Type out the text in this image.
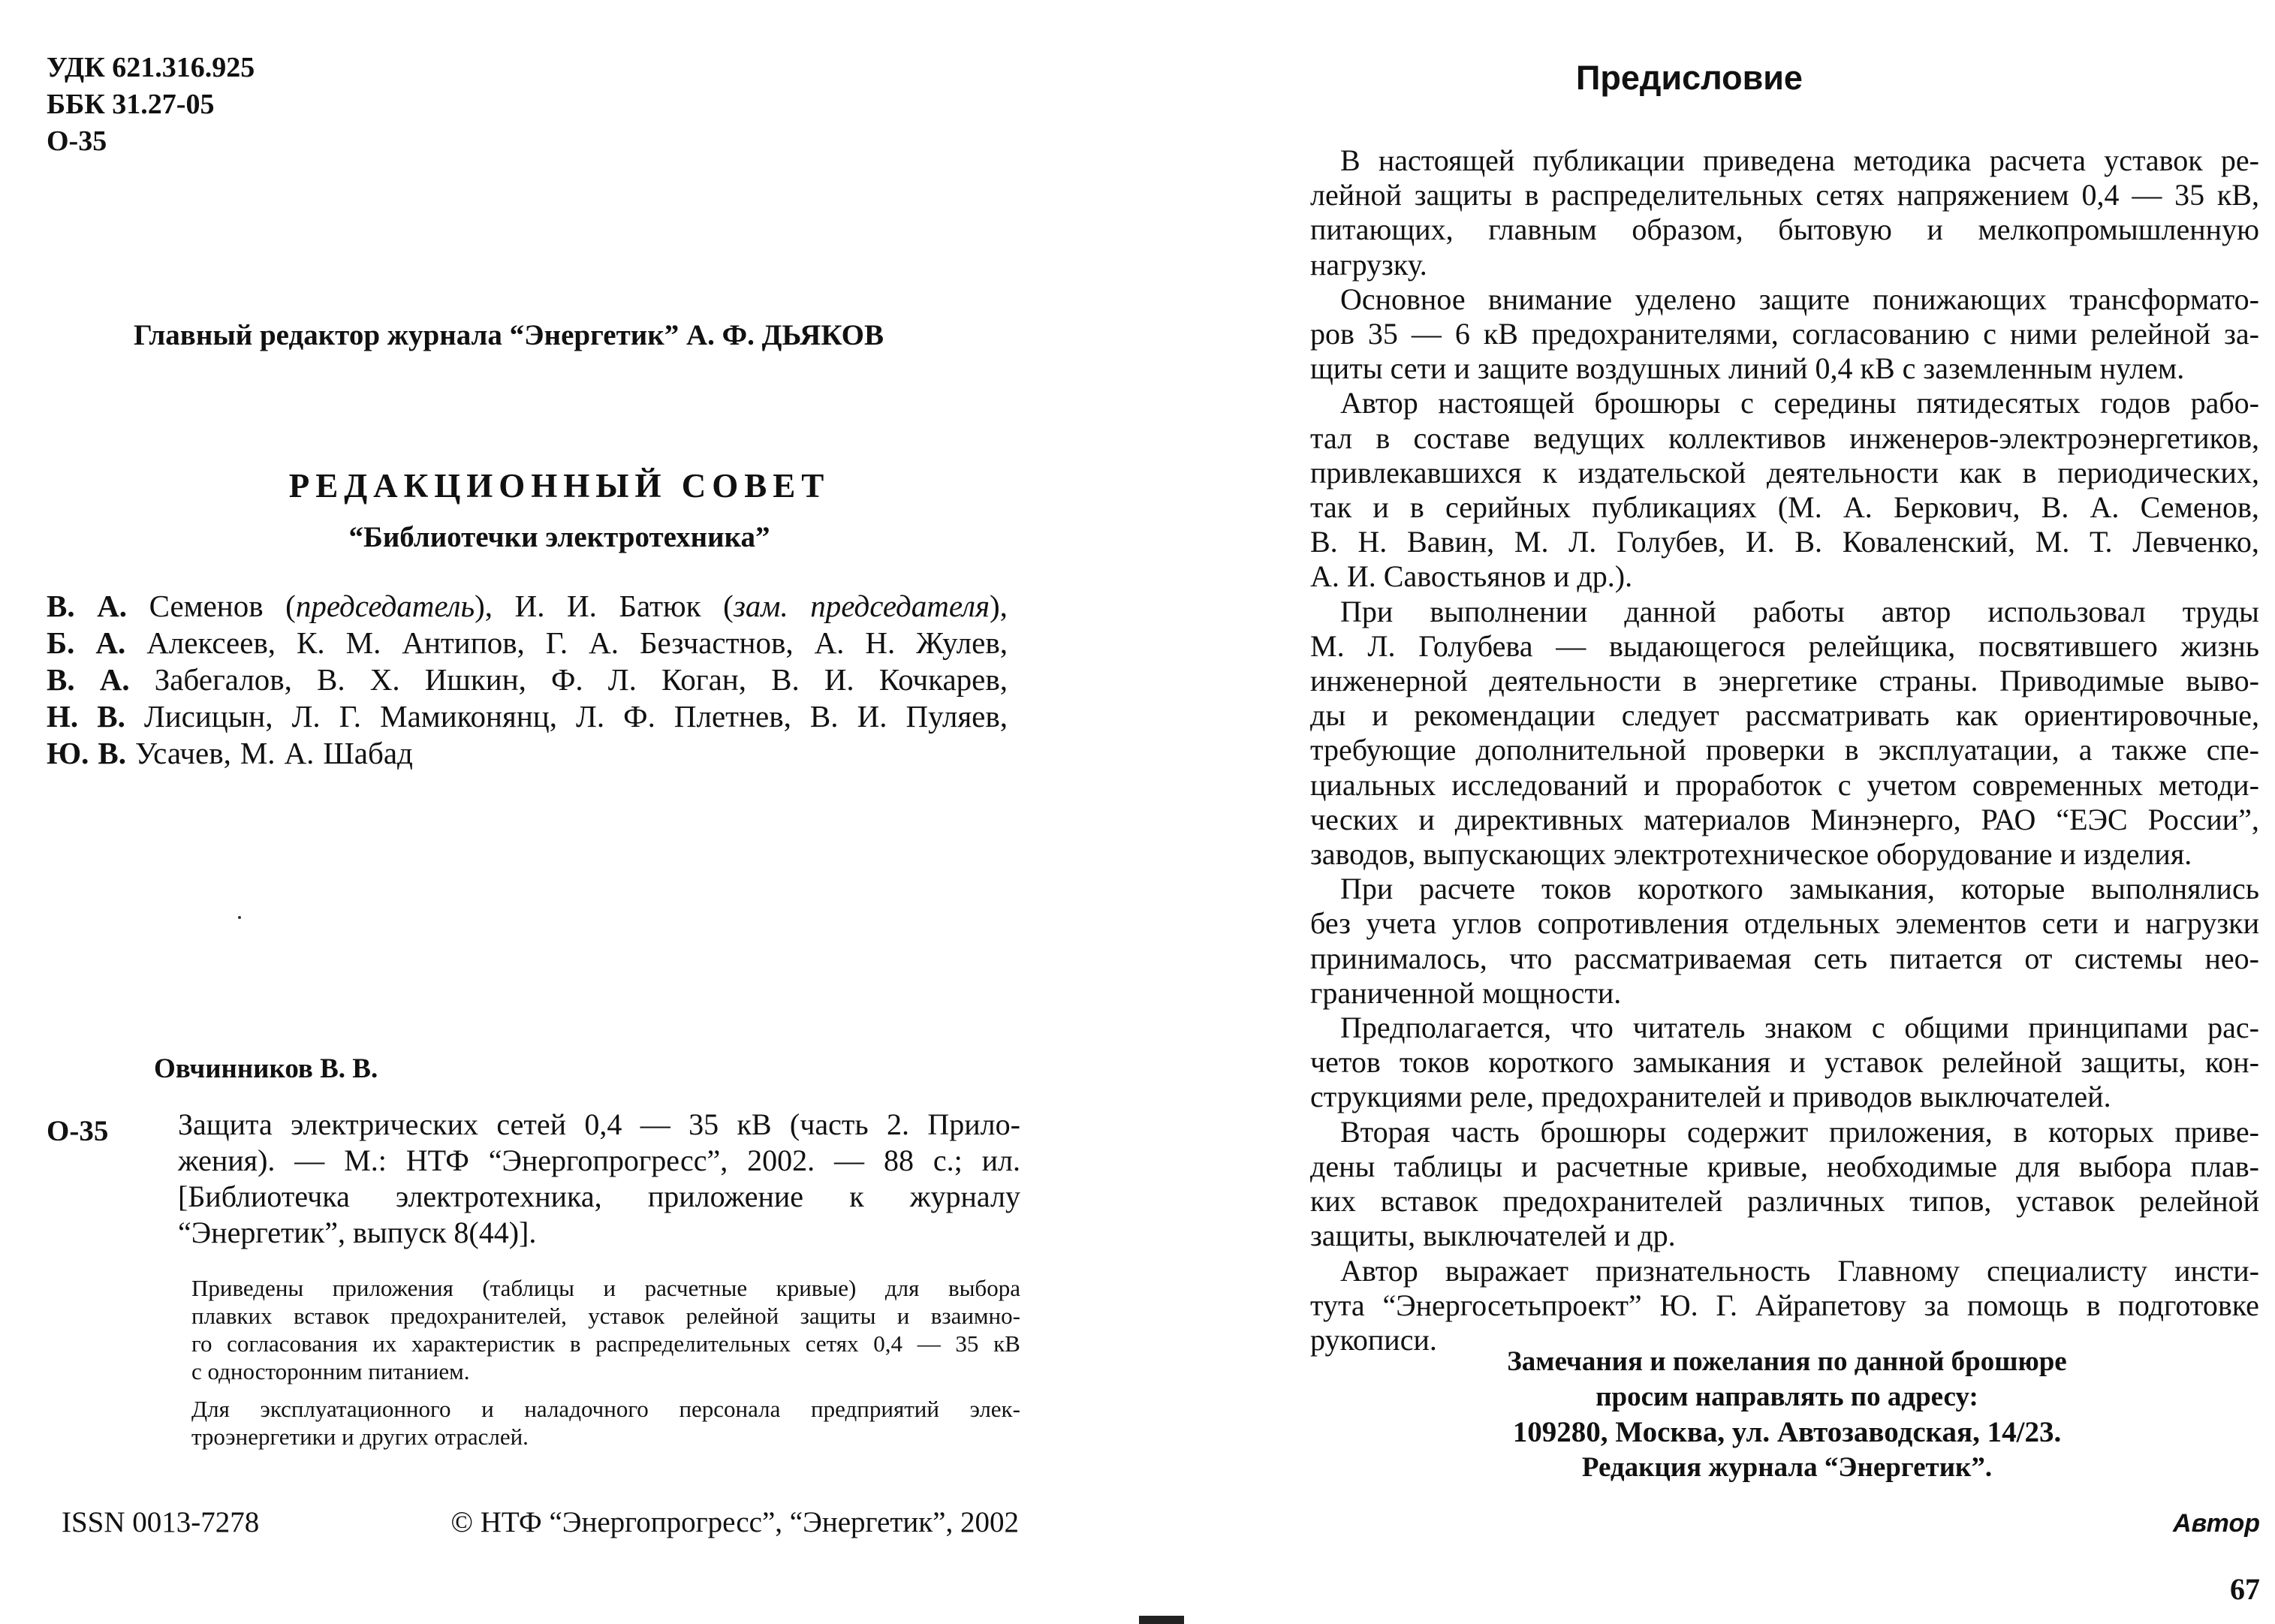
УДК 621.316.925
ББК 31.27-05
О-35
Главный редактор журнала “Энергетик” А. Ф. ДЬЯКОВ
РЕДАКЦИОННЫЙ СОВЕТ
“Библиотечки электротехника”
В. А. Семенов (председатель), И. И. Батюк (зам. председателя),
Б. А. Алексеев, К. М. Антипов, Г. А. Безчастнов, А. Н. Жулев,
В. А. Забегалов, В. Х. Ишкин, Ф. Л. Коган, В. И. Кочкарев,
Н. В. Лисицын, Л. Г. Мамиконянц, Л. Ф. Плетнев, В. И. Пуляев,
Ю. В. Усачев, М. А. Шабад
Овчинников В. В.
О-35 Защита электрических сетей 0,4 — 35 кВ (часть 2. Прило-
жения). — М.: НТФ “Энергопрогресс”, 2002. — 88 с.; ил.
[Библиотечка электротехника, приложение к журналу
“Энергетик”, выпуск 8(44)].
Приведены приложения (таблицы и расчетные кривые) для выбора
плавких вставок предохранителей, уставок релейной защиты и взаимно-
го согласования их характеристик в распределительных сетях 0,4 — 35 кВ
с односторонним питанием.
Для эксплуатационного и наладочного персонала предприятий элек-
троэнергетики и других отраслей.
ISSN 0013-7278	© НТФ “Энергопрогресс”, “Энергетик”, 2002
Предисловие
В настоящей публикации приведена методика расчета уставок ре-
лейной защиты в распределительных сетях напряжением 0,4 — 35 кВ,
питающих, главным образом, бытовую и мелкопромышленную
нагрузку.
Основное внимание уделено защите понижающих трансформато-
ров 35 — 6 кВ предохранителями, согласованию с ними релейной за-
щиты сети и защите воздушных линий 0,4 кВ с заземленным нулем.
Автор настоящей брошюры с середины пятидесятых годов рабо-
тал в составе ведущих коллективов инженеров-электроэнергетиков,
привлекавшихся к издательской деятельности как в периодических,
так и в серийных публикациях (М. А. Беркович, В. А. Семенов,
В. Н. Вавин, М. Л. Голубев, И. В. Коваленский, М. Т. Левченко,
А. И. Савостьянов и др.).
При выполнении данной работы автор использовал труды
М. Л. Голубева — выдающегося релейщика, посвятившего жизнь
инженерной деятельности в энергетике страны. Приводимые выво-
ды и рекомендации следует рассматривать как ориентировочные,
требующие дополнительной проверки в эксплуатации, а также спе-
циальных исследований и проработок с учетом современных методи-
ческих и директивных материалов Минэнерго, РАО “ЕЭС России”,
заводов, выпускающих электротехническое оборудование и изделия.
При расчете токов короткого замыкания, которые выполнялись
без учета углов сопротивления отдельных элементов сети и нагрузки
принималось, что рассматриваемая сеть питается от системы нео-
граниченной мощности.
Предполагается, что читатель знаком с общими принципами рас-
четов токов короткого замыкания и уставок релейной защиты, кон-
струкциями реле, предохранителей и приводов выключателей.
Вторая часть брошюры содержит приложения, в которых приве-
дены таблицы и расчетные кривые, необходимые для выбора плав-
ких вставок предохранителей различных типов, уставок релейной
защиты, выключателей и др.
Автор выражает признательность Главному специалисту инсти-
тута “Энергосетьпроект” Ю. Г. Айрапетову за помощь в подготовке
рукописи.
Замечания и пожелания по данной брошюре
просим направлять по адресу:
109280, Москва, ул. Автозаводская, 14/23.
Редакция журнала “Энергетик”.
Автор
67
